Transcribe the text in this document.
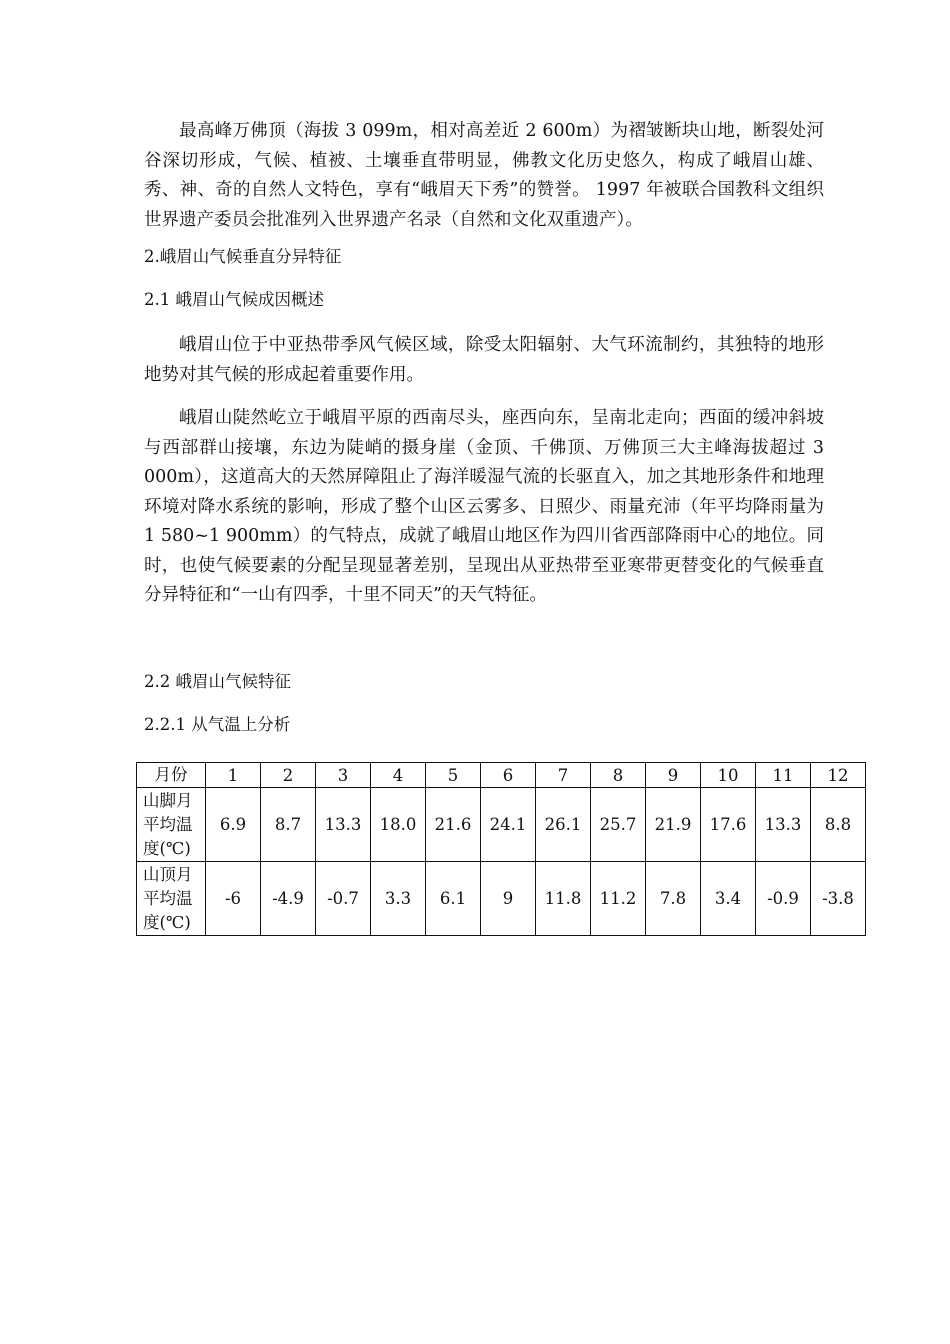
最高峰万佛顶（海拔 3 099m，相对高差近 2 600m）为褶皱断块山地，断裂处河谷深切形成，气候、植被、土壤垂直带明显，佛教文化历史悠久，构成了峨眉山雄、秀、神、奇的自然人文特色，享有“峨眉天下秀”的赞誉。 1997 年被联合国教科文组织世界遗产委员会批准列入世界遗产名录（自然和文化双重遗产）。

2.峨眉山气候垂直分异特征
2.1 峨眉山气候成因概述

峨眉山位于中亚热带季风气候区域，除受太阳辐射、大气环流制约，其独特的地形地势对其气候的形成起着重要作用。

峨眉山陡然屹立于峨眉平原的西南尽头，座西向东，呈南北走向；西面的缓冲斜坡与西部群山接壤，东边为陡峭的摄身崖（金顶、千佛顶、万佛顶三大主峰海拔超过 3 000m），这道高大的天然屏障阻止了海洋暖湿气流的长驱直入，加之其地形条件和地理环境对降水系统的影响，形成了整个山区云雾多、日照少、雨量充沛（年平均降雨量为 1 580~1 900mm）的气特点，成就了峨眉山地区作为四川省西部降雨中心的地位。同时，也使气候要素的分配呈现显著差别，呈现出从亚热带至亚寒带更替变化的气候垂直分异特征和“一山有四季，十里不同天”的天气特征。

2.2 峨眉山气候特征
2.2.1 从气温上分析
月份	1	2	3	4	5	6	7	8	9	10	11	12
山脚月
平均温
度(℃)	6.9	8.7	13.3	18.0	21.6	24.1	26.1	25.7	21.9	17.6	13.3	8.8
山顶月
平均温
度(℃)	-6	-4.9	-0.7	3.3	6.1	9	11.8	11.2	7.8	3.4	-0.9	-3.8
